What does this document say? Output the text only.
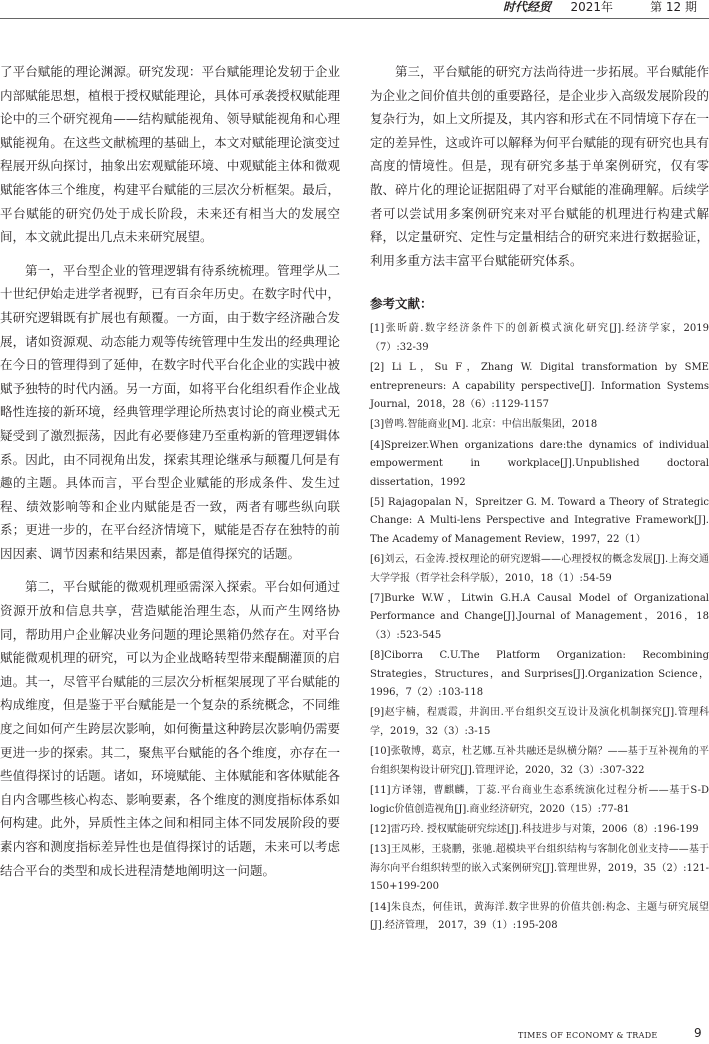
时代经贸 2021年	第 12 期

了平台赋能的理论渊源。研究发现：平台赋能理论发轫于企业内部赋能思想，植根于授权赋能理论，具体可承袭授权赋能理论中的三个研究视角——结构赋能视角、领导赋能视角和心理赋能视角。在这些文献梳理的基础上，本文对赋能理论演变过程展开纵向探讨，抽象出宏观赋能环境、中观赋能主体和微观赋能客体三个维度，构建平台赋能的三层次分析框架。最后，平台赋能的研究仍处于成长阶段，未来还有相当大的发展空间，本文就此提出几点未来研究展望。

第一，平台型企业的管理逻辑有待系统梳理。管理学从二十世纪伊始走进学者视野，已有百余年历史。在数字时代中，其研究逻辑既有扩展也有颠覆。一方面，由于数字经济融合发展，诸如资源观、动态能力观等传统管理中生发出的经典理论在今日的管理得到了延伸，在数字时代平台化企业的实践中被赋予独特的时代内涵。另一方面，如将平台化组织看作企业战略性连接的新环境，经典管理学理论所热衷讨论的商业模式无疑受到了激烈振荡，因此有必要修建乃至重构新的管理逻辑体系。因此，由不同视角出发，探索其理论继承与颠覆几何是有趣的主题。具体而言，平台型企业赋能的形成条件、发生过程、绩效影响等和企业内赋能是否一致，两者有哪些纵向联系；更进一步的，在平台经济情境下，赋能是否存在独特的前因因素、调节因素和结果因素，都是值得探究的话题。

第二，平台赋能的微观机理亟需深入探索。平台如何通过资源开放和信息共享，营造赋能治理生态，从而产生网络协同，帮助用户企业解决业务问题的理论黑箱仍然存在。对平台赋能微观机理的研究，可以为企业战略转型带来醍醐灌顶的启迪。其一，尽管平台赋能的三层次分析框架展现了平台赋能的构成维度，但是鉴于平台赋能是一个复杂的系统概念，不同维度之间如何产生跨层次影响，如何衡量这种跨层次影响仍需要更进一步的探索。其二，聚焦平台赋能的各个维度，亦存在一些值得探讨的话题。诸如，环境赋能、主体赋能和客体赋能各自内含哪些核心构态、影响要素，各个维度的测度指标体系如何构建。此外，异质性主体之间和相同主体不同发展阶段的要素内容和测度指标差异性也是值得探讨的话题，未来可以考虑结合平台的类型和成长进程清楚地阐明这一问题。

第三，平台赋能的研究方法尚待进一步拓展。平台赋能作为企业之间价值共创的重要路径，是企业步入高级发展阶段的复杂行为，如上文所提及，其内容和形式在不同情境下存在一定的差异性，这或许可以解释为何平台赋能的现有研究也具有高度的情境性。但是，现有研究多基于单案例研究，仅有零散、碎片化的理论证据阻碍了对平台赋能的准确理解。后续学者可以尝试用多案例研究来对平台赋能的机理进行构建式解释，以定量研究、定性与定量相结合的研究来进行数据验证，利用多重方法丰富平台赋能研究体系。

参考文献：

[1]张昕蔚.数字经济条件下的创新模式演化研究[J].经济学家，2019（7）:32-39

[2] Li L，Su F，Zhang W. Digital transformation by SME entrepreneurs: A capability perspective[J]. Information Systems Journal，2018，28（6）:1129-1157

[3]曾鸣.智能商业[M]. 北京：中信出版集团，2018

[4]Spreizer.When organizations dare:the dynamics of individual empowerment in workplace[J].Unpublished doctoral dissertation，1992

[5] Rajagopalan N，Spreitzer G. M. Toward a Theory of Strategic Change: A Multi-lens Perspective and Integrative Framework[J]. The Academy of Management Review，1997，22（1）

[6]刘云，石金涛.授权理论的研究逻辑——心理授权的概念发展[J].上海交通大学学报（哲学社会科学版），2010，18（1）:54-59

[7]Burke W.W，Litwin G.H.A Causal Model of Organizational Performance and Change[J].Journal of Management，2016，18（3）:523-545

[8]Ciborra C.U.The Platform Organization: Recombining Strategies，Structures，and Surprises[J].Organization Science，1996，7（2）:103-118

[9]赵宇楠，程震霞，井润田.平台组织交互设计及演化机制探究[J].管理科学，2019，32（3）:3-15

[10]张敬博，葛京，杜艺娜.互补共融还是纵横分隔？——基于互补视角的平台组织架构设计研究[J].管理评论，2020，32（3）:307-322

[11]方译翎，曹麒麟，丁蕊.平台商业生态系统演化过程分析——基于S-D logic价值创造视角[J].商业经济研究，2020（15）:77-81

[12]雷巧玲. 授权赋能研究综述[J].科技进步与对策，2006（8）:196-199

[13]王凤彬，王骁鹏，张驰.超模块平台组织结构与客制化创业支持——基于海尔向平台组织转型的嵌入式案例研究[J].管理世界，2019，35（2）:121-150+199-200

[14]朱良杰，何佳讯，黄海洋.数字世界的价值共创:构念、主题与研究展望[J].经济管理， 2017，39（1）:195-208

TIMES OF ECONOMY & TRADE	9
